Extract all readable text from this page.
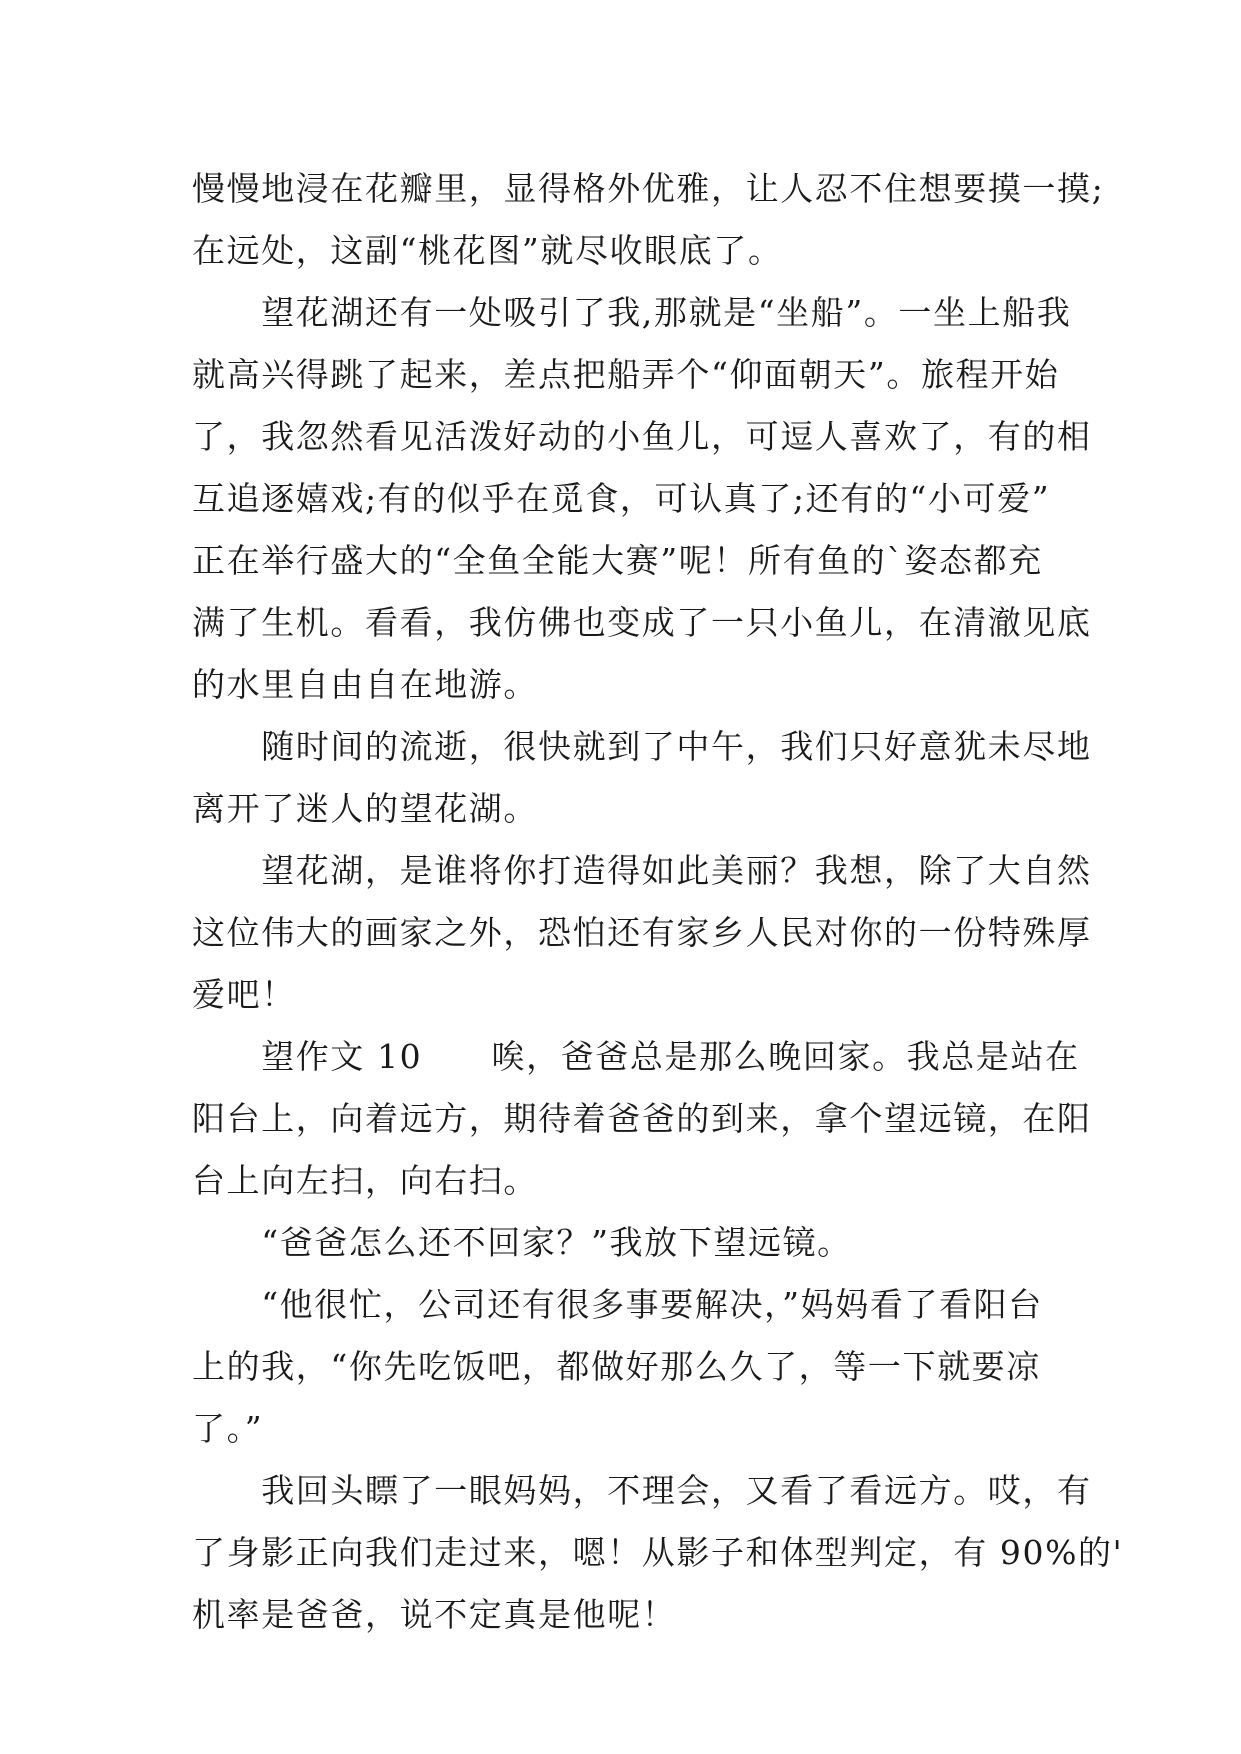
慢慢地浸在花瓣里，显得格外优雅，让人忍不住想要摸一摸;
在远处，这副“桃花图”就尽收眼底了。
　　望花湖还有一处吸引了我,那就是“坐船”。一坐上船我
就高兴得跳了起来，差点把船弄个“仰面朝天”。旅程开始
了，我忽然看见活泼好动的小鱼儿，可逗人喜欢了，有的相
互追逐嬉戏;有的似乎在觅食，可认真了;还有的“小可爱”
正在举行盛大的“全鱼全能大赛”呢！所有鱼的`姿态都充
满了生机。看看，我仿佛也变成了一只小鱼儿，在清澈见底
的水里自由自在地游。
　　随时间的流逝，很快就到了中午，我们只好意犹未尽地
离开了迷人的望花湖。
　　望花湖，是谁将你打造得如此美丽？我想，除了大自然
这位伟大的画家之外，恐怕还有家乡人民对你的一份特殊厚
爱吧！
　　望作文 10　　唉，爸爸总是那么晚回家。我总是站在
阳台上，向着远方，期待着爸爸的到来，拿个望远镜，在阳
台上向左扫，向右扫。
　　“爸爸怎么还不回家？”我放下望远镜。
　　“他很忙，公司还有很多事要解决，”妈妈看了看阳台
上的我，“你先吃饭吧，都做好那么久了，等一下就要凉
了。”
　　我回头瞟了一眼妈妈，不理会，又看了看远方。哎，有
了身影正向我们走过来，嗯！从影子和体型判定，有 90%的'
机率是爸爸，说不定真是他呢！
